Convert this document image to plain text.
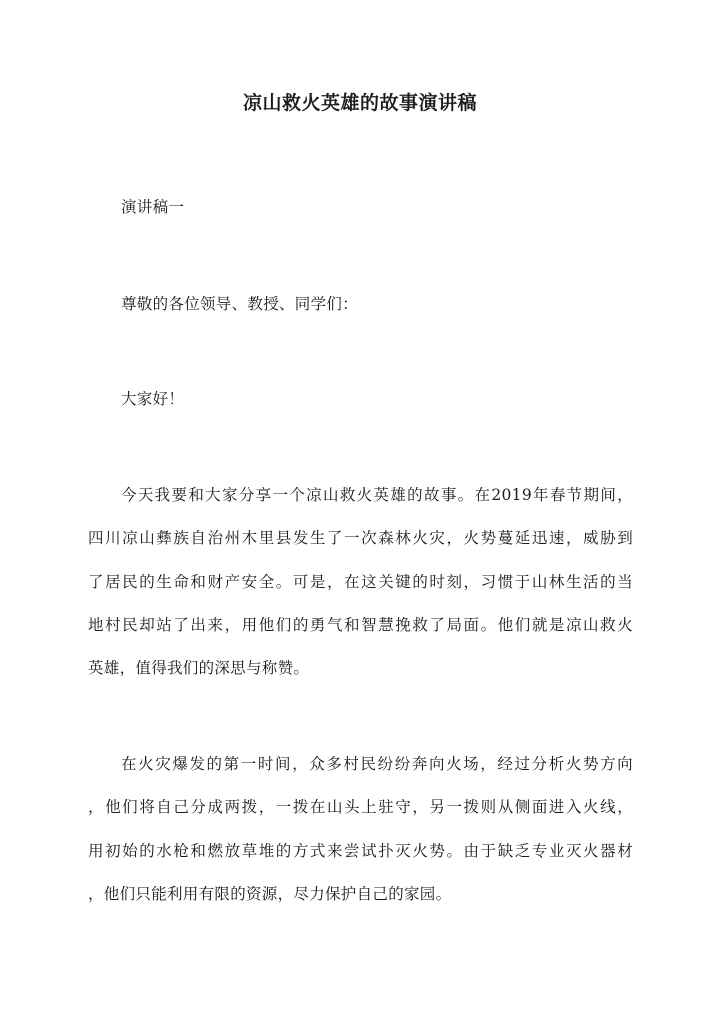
凉山救火英雄的故事演讲稿
演讲稿一
尊敬的各位领导、教授、同学们：
大家好！
今天我要和大家分享一个凉山救火英雄的故事。在2019年春节期间，
四川凉山彝族自治州木里县发生了一次森林火灾，火势蔓延迅速，威胁到
了居民的生命和财产安全。可是，在这关键的时刻，习惯于山林生活的当
地村民却站了出来，用他们的勇气和智慧挽救了局面。他们就是凉山救火
英雄，值得我们的深思与称赞。
在火灾爆发的第一时间，众多村民纷纷奔向火场，经过分析火势方向
，他们将自己分成两拨，一拨在山头上驻守，另一拨则从侧面进入火线，
用初始的水枪和燃放草堆的方式来尝试扑灭火势。由于缺乏专业灭火器材
，他们只能利用有限的资源，尽力保护自己的家园。
